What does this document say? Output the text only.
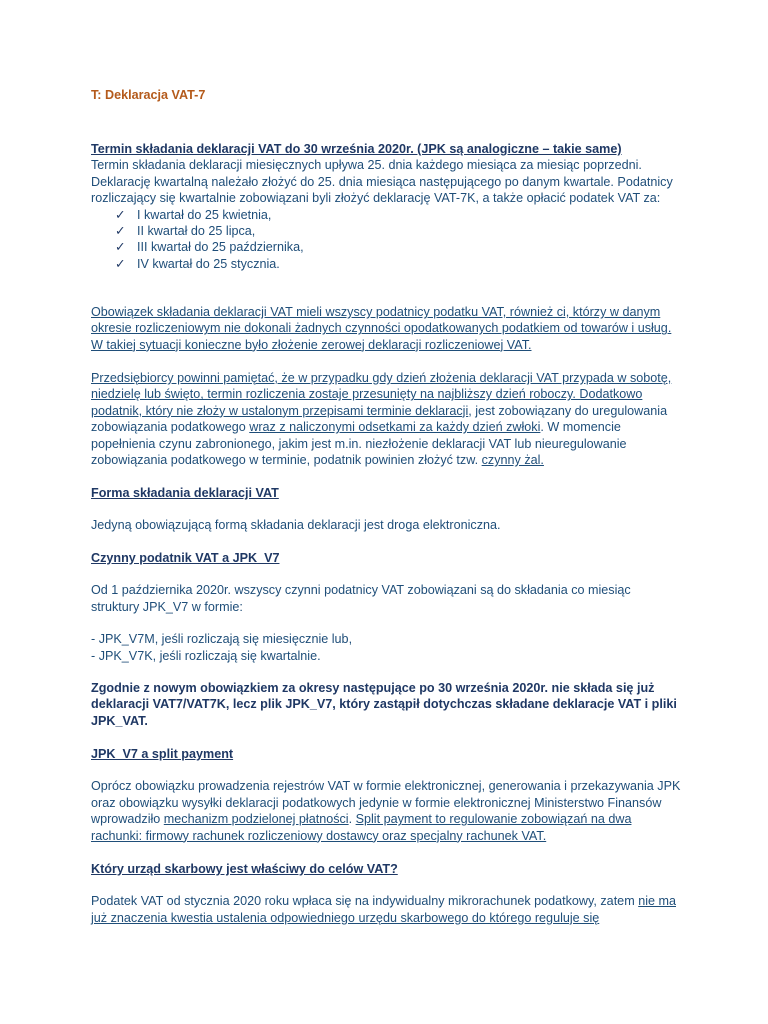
T: Deklaracja VAT-7

Termin składania deklaracji VAT do 30 września 2020r. (JPK są analogiczne – takie same)

Termin składania deklaracji miesięcznych upływa 25. dnia każdego miesiąca za miesiąc poprzedni. Deklarację kwartalną należało złożyć do 25. dnia miesiąca następującego po danym kwartale. Podatnicy rozliczający się kwartalnie zobowiązani byli złożyć deklarację VAT-7K, a także opłacić podatek VAT za:

✓ I kwartał do 25 kwietnia,
✓ II kwartał do 25 lipca,
✓ III kwartał do 25 października,
✓ IV kwartał do 25 stycznia.
Obowiązek składania deklaracji VAT mieli wszyscy podatnicy podatku VAT, również ci, którzy w danym okresie rozliczeniowym nie dokonali żadnych czynności opodatkowanych podatkiem od towarów i usług. W takiej sytuacji konieczne było złożenie zerowej deklaracji rozliczeniowej VAT.
Przedsiębiorcy powinni pamiętać, że w przypadku gdy dzień złożenia deklaracji VAT przypada w sobotę, niedzielę lub święto, termin rozliczenia zostaje przesunięty na najbliższy dzień roboczy. Dodatkowo podatnik, który nie złoży w ustalonym przepisami terminie deklaracji, jest zobowiązany do uregulowania zobowiązania podatkowego wraz z naliczonymi odsetkami za każdy dzień zwłoki. W momencie popełnienia czynu zabronionego, jakim jest m.in. niezłożenie deklaracji VAT lub nieuregulowanie zobowiązania podatkowego w terminie, podatnik powinien złożyć tzw. czynny żal.

Forma składania deklaracji VAT

Jedyną obowiązującą formą składania deklaracji jest droga elektroniczna.

Czynny podatnik VAT a JPK_V7

Od 1 października 2020r. wszyscy czynni podatnicy VAT zobowiązani są do składania co miesiąc struktury JPK_V7 w formie:

- JPK_V7M, jeśli rozliczają się miesięcznie lub,

- JPK_V7K, jeśli rozliczają się kwartalnie.

Zgodnie z nowym obowiązkiem za okresy następujące po 30 września 2020r. nie składa się już deklaracji VAT7/VAT7K, lecz plik JPK_V7, który zastąpił dotychczas składane deklaracje VAT i pliki JPK_VAT.

JPK_V7 a split payment

Oprócz obowiązku prowadzenia rejestrów VAT w formie elektronicznej, generowania i przekazywania JPK oraz obowiązku wysyłki deklaracji podatkowych jedynie w formie elektronicznej Ministerstwo Finansów wprowadziło mechanizm podzielonej płatności. Split payment to regulowanie zobowiązań na dwa rachunki: firmowy rachunek rozliczeniowy dostawcy oraz specjalny rachunek VAT.

Który urząd skarbowy jest właściwy do celów VAT?

Podatek VAT od stycznia 2020 roku wpłaca się na indywidualny mikrorachunek podatkowy, zatem nie ma już znaczenia kwestia ustalenia odpowiedniego urzędu skarbowego do którego reguluje się
